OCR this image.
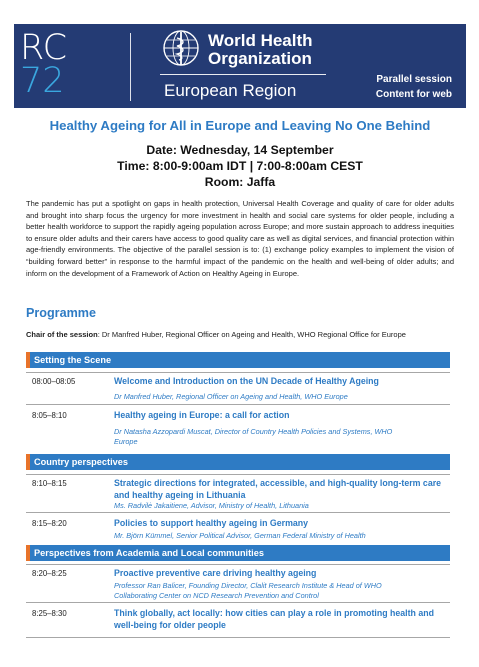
RC
72
World Health
Organization
European Region
Parallel session
Content for web
Healthy Ageing for All in Europe and Leaving No One Behind
Date: Wednesday, 14 September
Time: 8:00-9:00am IDT | 7:00-8:00am CEST
Room: Jaffa
The pandemic has put a spotlight on gaps in health protection, Universal Health Coverage and quality of care for older adults and brought into sharp focus the urgency for more investment in health and social care systems for older people, including a better health workforce to support the rapidly ageing population across Europe; and more sustain approach to address inequities to ensure older adults and their carers have access to good quality care as well as digital services, and financial protection within age-friendly environments. The objective of the parallel session is to: (1) exchange policy examples to implement the vision of “building forward better” in response to the harmful impact of the pandemic on the health and well-being of older adults; and inform on the development of a Framework of Action on Healthy Ageing in Europe.
Programme
Chair of the session: Dr Manfred Huber, Regional Officer on Ageing and Health, WHO Regional Office for Europe
Setting the Scene
08:00–08:05	Welcome and Introduction on the UN Decade of Healthy Ageing
Dr Manfred Huber, Regional Officer on Ageing and Health, WHO Europe
8:05–8:10	Healthy ageing in Europe: a call for action
Dr Natasha Azzopardi Muscat, Director of Country Health Policies and Systems, WHO
Europe
Country perspectives
8:10–8:15	Strategic directions for integrated, accessible, and high-quality long-term care
and healthy ageing in Lithuania
Ms. Radvilė Jakaitiene, Advisor, Ministry of Health, Lithuania
8:15–8:20	Policies to support healthy ageing in Germany
Mr. Björn Kümmel, Senior Political Advisor, German Federal Ministry of Health
Perspectives from Academia and Local communities
8:20–8:25	Proactive preventive care driving healthy ageing
Professor Ran Balicer, Founding Director, Clalit Research Institute & Head of WHO
Collaborating Center on NCD Research Prevention and Control
8:25–8:30	Think globally, act locally: how cities can play a role in promoting health and
well-being for older people
